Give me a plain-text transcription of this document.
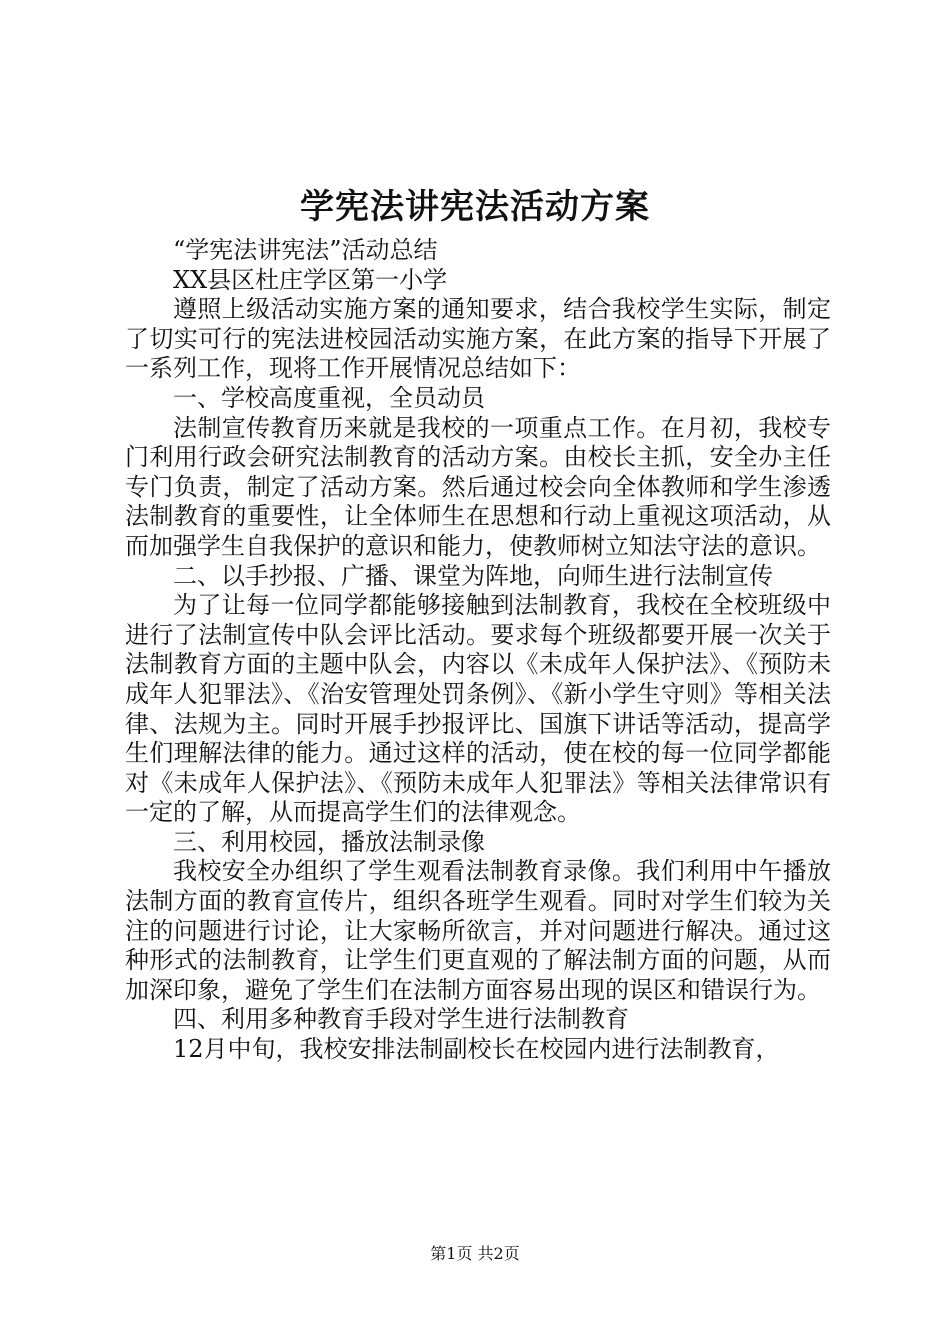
学宪法讲宪法活动方案

“学宪法讲宪法”活动总结

XX县区杜庄学区第一小学

遵照上级活动实施方案的通知要求，结合我校学生实际，制定了切实可行的宪法进校园活动实施方案，在此方案的指导下开展了一系列工作，现将工作开展情况总结如下：

一、学校高度重视，全员动员

法制宣传教育历来就是我校的一项重点工作。在月初，我校专门利用行政会研究法制教育的活动方案。由校长主抓，安全办主任专门负责，制定了活动方案。然后通过校会向全体教师和学生渗透法制教育的重要性，让全体师生在思想和行动上重视这项活动，从而加强学生自我保护的意识和能力，使教师树立知法守法的意识。

二、以手抄报、广播、课堂为阵地，向师生进行法制宣传

为了让每一位同学都能够接触到法制教育，我校在全校班级中进行了法制宣传中队会评比活动。要求每个班级都要开展一次关于法制教育方面的主题中队会，内容以《未成年人保护法》、《预防未成年人犯罪法》、《治安管理处罚条例》、《新小学生守则》等相关法律、法规为主。同时开展手抄报评比、国旗下讲话等活动，提高学生们理解法律的能力。通过这样的活动，使在校的每一位同学都能对《未成年人保护法》、《预防未成年人犯罪法》等相关法律常识有一定的了解，从而提高学生们的法律观念。

三、利用校园，播放法制录像

我校安全办组织了学生观看法制教育录像。我们利用中午播放法制方面的教育宣传片，组织各班学生观看。同时对学生们较为关注的问题进行讨论，让大家畅所欲言，并对问题进行解决。通过这种形式的法制教育，让学生们更直观的了解法制方面的问题，从而加深印象，避免了学生们在法制方面容易出现的误区和错误行为。

四、利用多种教育手段对学生进行法制教育

12月中旬，我校安排法制副校长在校园内进行法制教育，

第1页 共2页
